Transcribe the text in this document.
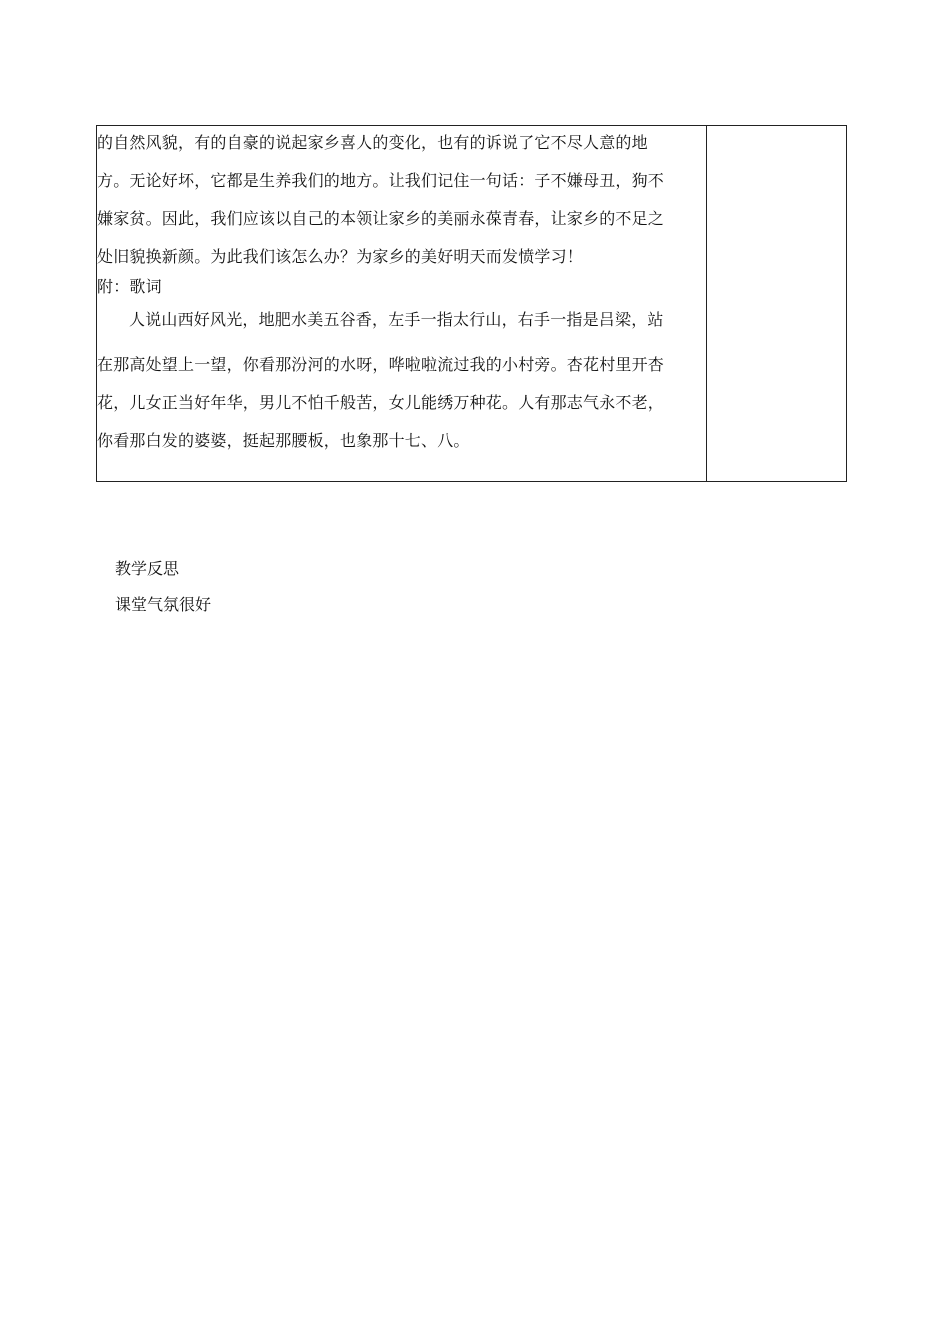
的自然风貌，有的自豪的说起家乡喜人的变化，也有的诉说了它不尽人意的地
方。无论好坏，它都是生养我们的地方。让我们记住一句话：子不嫌母丑，狗不
嫌家贫。因此，我们应该以自己的本领让家乡的美丽永葆青春，让家乡的不足之
处旧貌换新颜。为此我们该怎么办？为家乡的美好明天而发愤学习！
附：歌词
人说山西好风光，地肥水美五谷香，左手一指太行山，右手一指是吕梁，站
在那高处望上一望，你看那汾河的水呀，哗啦啦流过我的小村旁。杏花村里开杏
花，儿女正当好年华，男儿不怕千般苦，女儿能绣万种花。人有那志气永不老，
你看那白发的婆婆，挺起那腰板，也象那十七、八。

教学反思
课堂气氛很好
